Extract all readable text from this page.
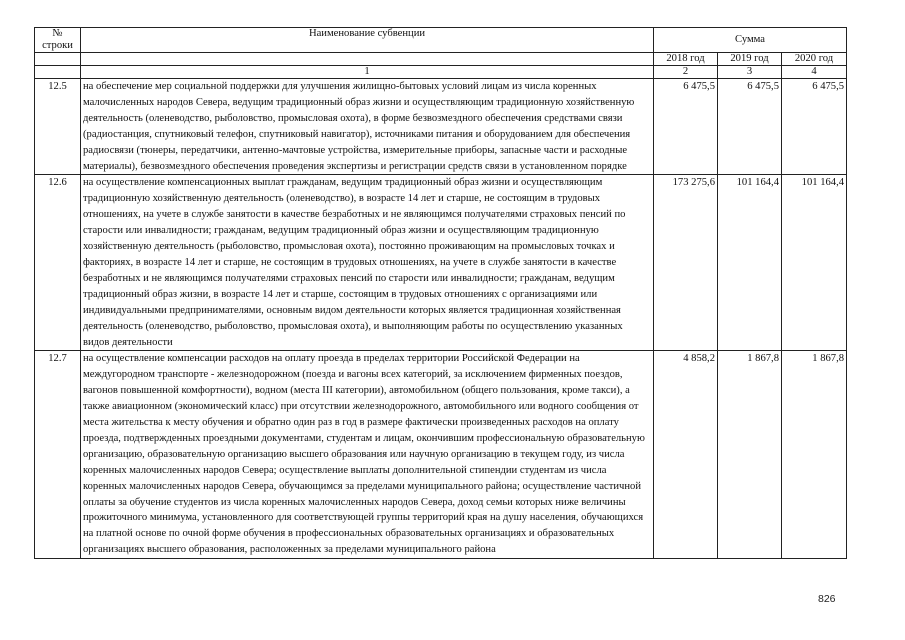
№
строки	Наименование субвенции	Сумма		
		2018 год	2019 год	2020 год
	1	2	3	4
12.5	на обеспечение мер социальной поддержки для улучшения жилищно-бытовых условий лицам из числа коренных малочисленных народов Севера, ведущим традиционный образ жизни и осуществляющим традиционную хозяйственную деятельность (оленеводство, рыболовство, промысловая охота), в форме безвозмездного обеспечения средствами связи (радиостанция, спутниковый телефон, спутниковый навигатор), источниками питания и оборудованием для обеспечения радиосвязи (тюнеры, передатчики, антенно-мачтовые устройства, измерительные приборы, запасные части и расходные материалы), безвозмездного обеспечения проведения экспертизы и регистрации средств связи в установленном порядке	6 475,5	6 475,5	6 475,5
12.6	на осуществление компенсационных выплат гражданам, ведущим традиционный образ жизни и осуществляющим традиционную хозяйственную деятельность (оленеводство), в возрасте 14 лет и старше, не состоящим в трудовых отношениях, на учете в службе занятости в качестве безработных и не являющимся получателями страховых пенсий по старости или инвалидности; гражданам, ведущим традиционный образ жизни и осуществляющим традиционную хозяйственную деятельность (рыболовство, промысловая охота), постоянно проживающим на промысловых точках и факториях, в возрасте 14 лет и старше, не состоящим в трудовых отношениях, на учете в службе занятости в качестве безработных и не являющимся получателями страховых пенсий по старости или инвалидности; гражданам, ведущим традиционный образ жизни, в возрасте 14 лет и старше, состоящим в трудовых отношениях с организациями или индивидуальными предпринимателями, основным видом деятельности которых является традиционная хозяйственная деятельность (оленеводство, рыболовство, промысловая охота), и выполняющим работы по осуществлению указанных видов деятельности	173 275,6	101 164,4	101 164,4
12.7	на осуществление компенсации расходов на оплату проезда в пределах территории Российской Федерации на междугородном транспорте - железнодорожном (поезда и вагоны всех категорий, за исключением фирменных поездов, вагонов повышенной комфортности), водном (места III категории), автомобильном (общего пользования, кроме такси), а также авиационном (экономический класс) при отсутствии железнодорожного, автомобильного или водного сообщения от места жительства к месту обучения и обратно один раз в год в размере фактически произведенных расходов на оплату проезда, подтвержденных проездными документами, студентам и лицам, окончившим профессиональную образовательную организацию, образовательную организацию высшего образования или научную организацию в текущем году, из числа коренных малочисленных народов Севера; осуществление выплаты дополнительной стипендии студентам из числа коренных малочисленных народов Севера, обучающимся за пределами муниципального района; осуществление частичной оплаты за обучение студентов из числа коренных малочисленных народов Севера, доход семьи которых ниже величины прожиточного минимума, установленного для соответствующей группы территорий края на душу населения, обучающихся на платной основе по очной форме обучения в профессиональных образовательных организациях и образовательных организациях высшего образования, расположенных за пределами муниципального района	4 858,2	1 867,8	1 867,8
826
